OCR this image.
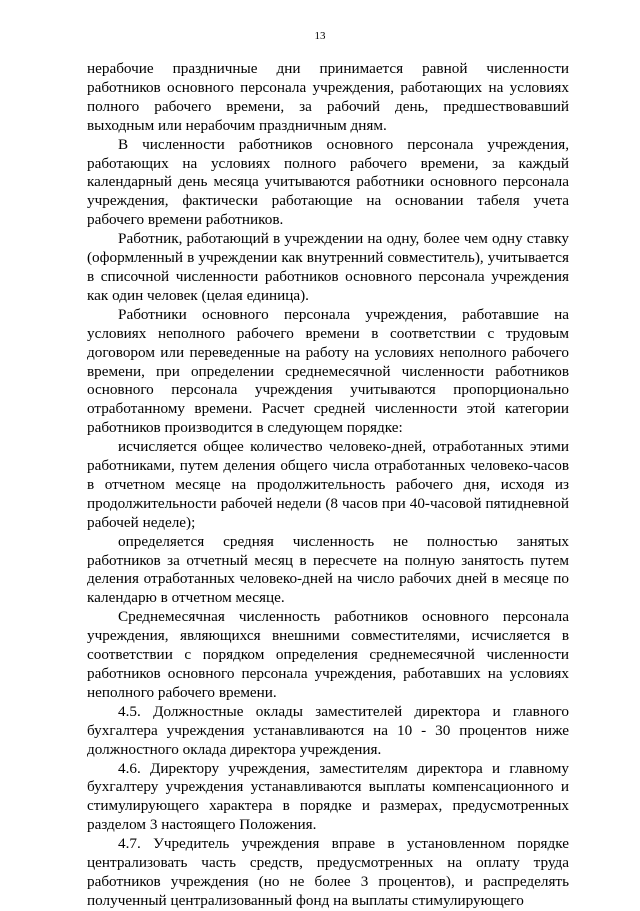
13

нерабочие праздничные дни принимается равной численности работников основного персонала учреждения, работающих на условиях полного рабочего времени, за рабочий день, предшествовавший выходным или нерабочим праздничным дням.

В численности работников основного персонала учреждения, работающих на условиях полного рабочего времени, за каждый календарный день месяца учитываются работники основного персонала учреждения, фактически работающие на основании табеля учета рабочего времени работников.

Работник, работающий в учреждении на одну, более чем одну ставку (оформленный в учреждении как внутренний совместитель), учитывается в списочной численности работников основного персонала учреждения как один человек (целая единица).

Работники основного персонала учреждения, работавшие на условиях неполного рабочего времени в соответствии с трудовым договором или переведенные на работу на условиях неполного рабочего времени, при определении среднемесячной численности работников основного персонала учреждения учитываются пропорционально отработанному времени. Расчет средней численности этой категории работников производится в следующем порядке:

исчисляется общее количество человеко-дней, отработанных этими работниками, путем деления общего числа отработанных человеко-часов в отчетном месяце на продолжительность рабочего дня, исходя из продолжительности рабочей недели (8 часов при 40-часовой пятидневной рабочей неделе);

определяется средняя численность не полностью занятых работников за отчетный месяц в пересчете на полную занятость путем деления отработанных человеко-дней на число рабочих дней в месяце по календарю в отчетном месяце.

Среднемесячная численность работников основного персонала учреждения, являющихся внешними совместителями, исчисляется в соответствии с порядком определения среднемесячной численности работников основного персонала учреждения, работавших на условиях неполного рабочего времени.

4.5. Должностные оклады заместителей директора и главного бухгалтера учреждения устанавливаются на 10 - 30 процентов ниже должностного оклада директора учреждения.

4.6. Директору учреждения, заместителям директора и главному бухгалтеру учреждения устанавливаются выплаты компенсационного и стимулирующего характера в порядке и размерах, предусмотренных разделом 3 настоящего Положения.

4.7. Учредитель учреждения вправе в установленном порядке централизовать часть средств, предусмотренных на оплату труда работников учреждения (но не более 3 процентов), и распределять полученный централизованный фонд на выплаты стимулирующего
